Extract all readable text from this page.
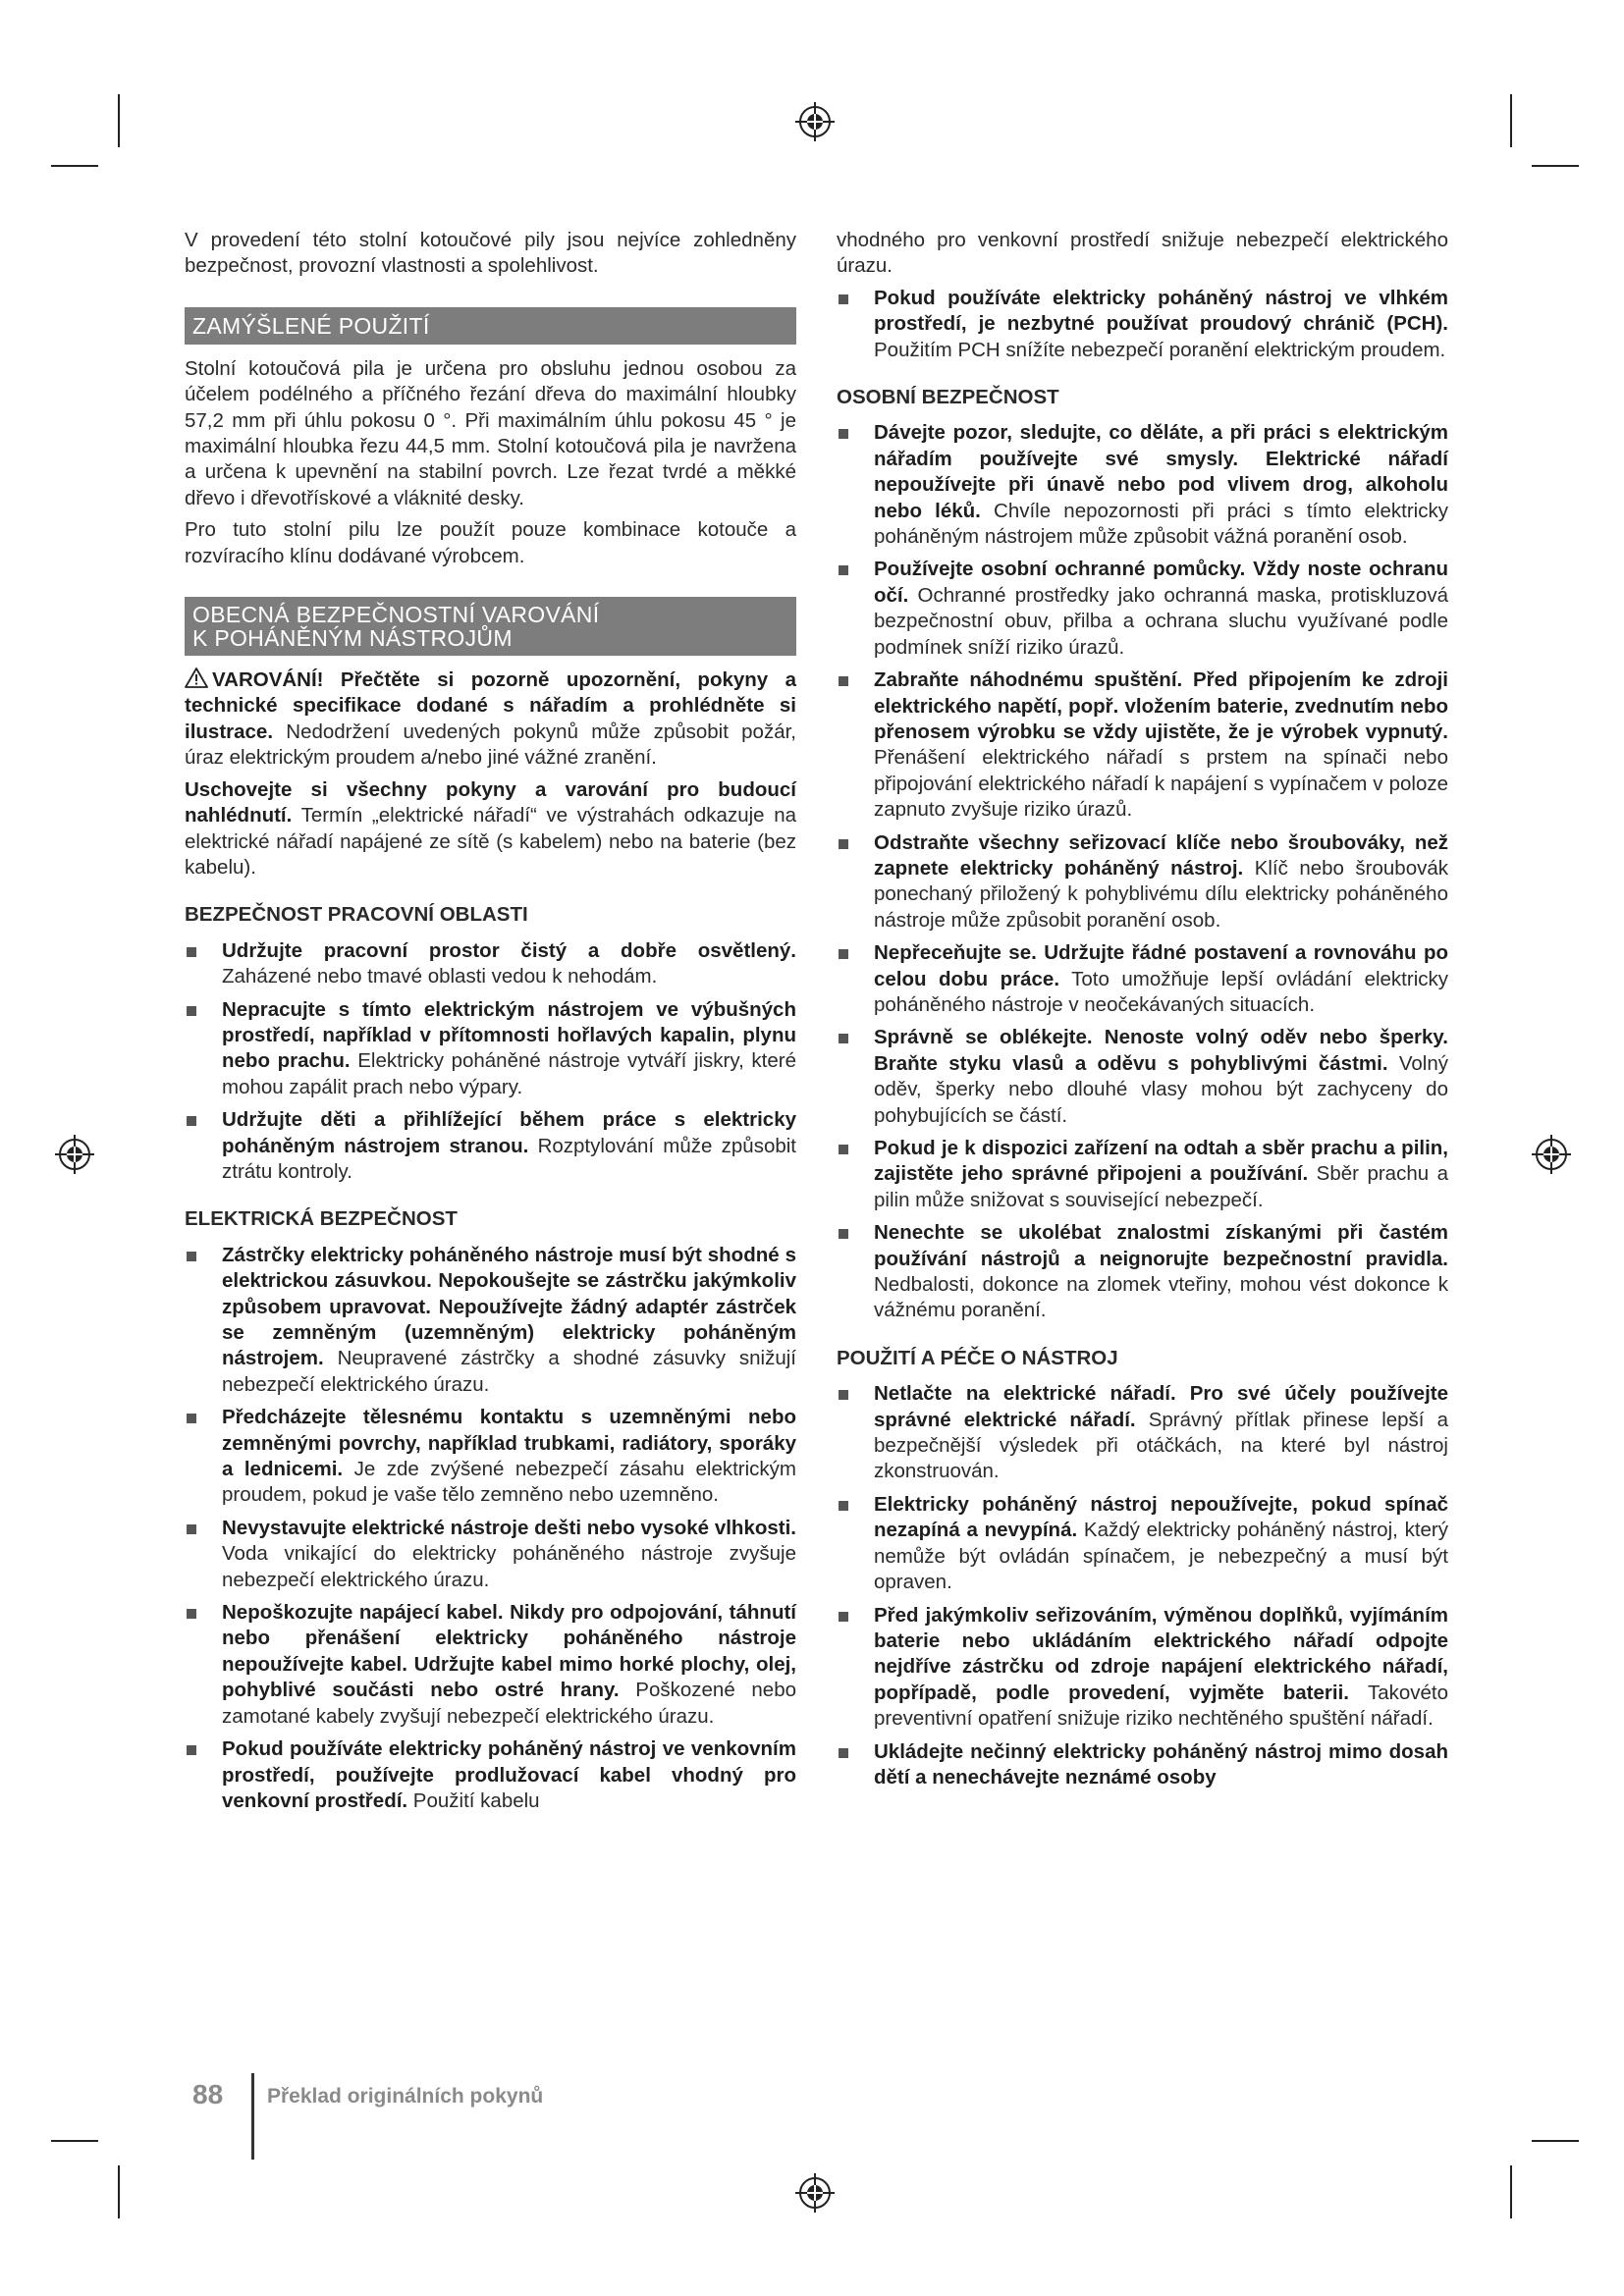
V provedení této stolní kotoučové pily jsou nejvíce zohledněny bezpečnost, provozní vlastnosti a spolehlivost.

ZAMÝŠLENÉ POUŽITÍ

Stolní kotoučová pila je určena pro obsluhu jednou osobou za účelem podélného a příčného řezání dřeva do maximální hloubky 57,2 mm při úhlu pokosu 0 °. Při maximálním úhlu pokosu 45 ° je maximální hloubka řezu 44,5 mm. Stolní kotoučová pila je navržena a určena k upevnění na stabilní povrch. Lze řezat tvrdé a měkké dřevo i dřevotřískové a vláknité desky.

Pro tuto stolní pilu lze použít pouze kombinace kotouče a rozvíracího klínu dodávané výrobcem.

OBECNÁ BEZPEČNOSTNÍ VAROVÁNÍ
K POHÁNĚNÝM NÁSTROJŮM

VAROVÁNÍ! Přečtěte si pozorně upozornění, pokyny a technické specifikace dodané s nářadím a prohlédněte si ilustrace. Nedodržení uvedených pokynů může způsobit požár, úraz elektrickým proudem a/nebo jiné vážné zranění.

Uschovejte si všechny pokyny a varování pro budoucí nahlédnutí. Termín „elektrické nářadí“ ve výstrahách odkazuje na elektrické nářadí napájené ze sítě (s kabelem) nebo na baterie (bez kabelu).

BEZPEČNOST PRACOVNÍ OBLASTI
Udržujte pracovní prostor čistý a dobře osvětlený. Zaházené nebo tmavé oblasti vedou k nehodám.
Nepracujte s tímto elektrickým nástrojem ve výbušných prostředí, například v přítomnosti hořlavých kapalin, plynu nebo prachu. Elektricky poháněné nástroje vytváří jiskry, které mohou zapálit prach nebo výpary.
Udržujte děti a přihlížející během práce s elektricky poháněným nástrojem stranou. Rozptylování může způsobit ztrátu kontroly.
ELEKTRICKÁ BEZPEČNOST
Zástrčky elektricky poháněného nástroje musí být shodné s elektrickou zásuvkou. Nepokoušejte se zástrčku jakýmkoliv způsobem upravovat. Nepoužívejte žádný adaptér zástrček se zemněným (uzemněným) elektricky poháněným nástrojem. Neupravené zástrčky a shodné zásuvky snižují nebezpečí elektrického úrazu.
Předcházejte tělesnému kontaktu s uzemněnými nebo zemněnými povrchy, například trubkami, radiátory, sporáky a lednicemi. Je zde zvýšené nebezpečí zásahu elektrickým proudem, pokud je vaše tělo zemněno nebo uzemněno.
Nevystavujte elektrické nástroje dešti nebo vysoké vlhkosti. Voda vnikající do elektricky poháněného nástroje zvyšuje nebezpečí elektrického úrazu.
Nepoškozujte napájecí kabel. Nikdy pro odpojování, táhnutí nebo přenášení elektricky poháněného nástroje nepoužívejte kabel. Udržujte kabel mimo horké plochy, olej, pohyblivé součásti nebo ostré hrany. Poškozené nebo zamotané kabely zvyšují nebezpečí elektrického úrazu.
Pokud používáte elektricky poháněný nástroj ve venkovním prostředí, používejte prodlužovací kabel vhodný pro venkovní prostředí. Použití kabelu

vhodného pro venkovní prostředí snižuje nebezpečí elektrického úrazu.

Pokud používáte elektricky poháněný nástroj ve vlhkém prostředí, je nezbytné používat proudový chránič (PCH). Použitím PCH snížíte nebezpečí poranění elektrickým proudem.
OSOBNÍ BEZPEČNOST
Dávejte pozor, sledujte, co děláte, a při práci s elektrickým nářadím používejte své smysly. Elektrické nářadí nepoužívejte při únavě nebo pod vlivem drog, alkoholu nebo léků. Chvíle nepozornosti při práci s tímto elektricky poháněným nástrojem může způsobit vážná poranění osob.
Používejte osobní ochranné pomůcky. Vždy noste ochranu očí. Ochranné prostředky jako ochranná maska, protiskluzová bezpečnostní obuv, přilba a ochrana sluchu využívané podle podmínek sníží riziko úrazů.
Zabraňte náhodnému spuštění. Před připojením ke zdroji elektrického napětí, popř. vložením baterie, zvednutím nebo přenosem výrobku se vždy ujistěte, že je výrobek vypnutý. Přenášení elektrického nářadí s prstem na spínači nebo připojování elektrického nářadí k napájení s vypínačem v poloze zapnuto zvyšuje riziko úrazů.
Odstraňte všechny seřizovací klíče nebo šroubováky, než zapnete elektricky poháněný nástroj. Klíč nebo šroubovák ponechaný přiložený k pohyblivému dílu elektricky poháněného nástroje může způsobit poranění osob.
Nepřeceňujte se. Udržujte řádné postavení a rovnováhu po celou dobu práce. Toto umožňuje lepší ovládání elektricky poháněného nástroje v neočekávaných situacích.
Správně se oblékejte. Nenoste volný oděv nebo šperky. Braňte styku vlasů a oděvu s pohyblivými částmi. Volný oděv, šperky nebo dlouhé vlasy mohou být zachyceny do pohybujících se částí.
Pokud je k dispozici zařízení na odtah a sběr prachu a pilin, zajistěte jeho správné připojeni a používání. Sběr prachu a pilin může snižovat s související nebezpečí.
Nenechte se ukolébat znalostmi získanými při častém používání nástrojů a neignorujte bezpečnostní pravidla. Nedbalosti, dokonce na zlomek vteřiny, mohou vést dokonce k vážnému poranění.
POUŽITÍ A PÉČE O NÁSTROJ
Netlačte na elektrické nářadí. Pro své účely používejte správné elektrické nářadí. Správný přítlak přinese lepší a bezpečnější výsledek při otáčkách, na které byl nástroj zkonstruován.
Elektricky poháněný nástroj nepoužívejte, pokud spínač nezapíná a nevypíná. Každý elektricky poháněný nástroj, který nemůže být ovládán spínačem, je nebezpečný a musí být opraven.
Před jakýmkoliv seřizováním, výměnou doplňků, vyjímáním baterie nebo ukládáním elektrického nářadí odpojte nejdříve zástrčku od zdroje napájení elektrického nářadí, popřípadě, podle provedení, vyjměte baterii. Takovéto preventivní opatření snižuje riziko nechtěného spuštění nářadí.
Ukládejte nečinný elektricky poháněný nástroj mimo dosah dětí a nenechávejte neznámé osoby
88 Překlad originálních pokynů
